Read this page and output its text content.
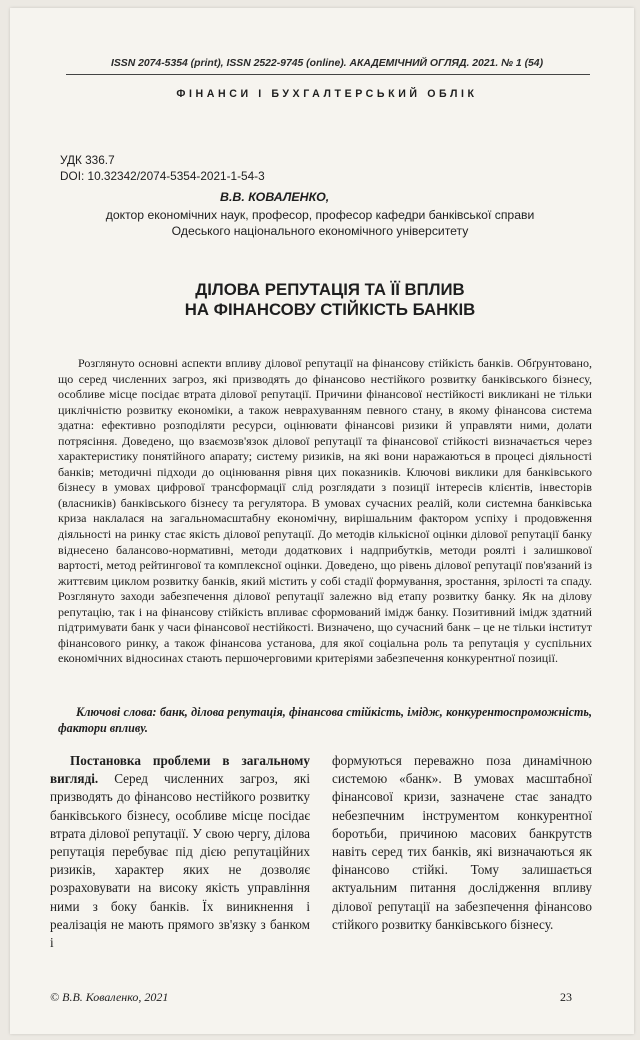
ISSN 2074-5354 (print), ISSN 2522-9745 (online). АКАДЕМІЧНИЙ ОГЛЯД. 2021. № 1 (54)
ФІНАНСИ І БУХГАЛТЕРСЬКИЙ ОБЛІК
УДК 336.7
DOI: 10.32342/2074-5354-2021-1-54-3
В.В. КОВАЛЕНКО,
доктор економічних наук, професор, професор кафедри банківської справи
Одеського національного економічного університету
ДІЛОВА РЕПУТАЦІЯ ТА ЇЇ ВПЛИВ
НА ФІНАНСОВУ СТІЙКІСТЬ БАНКІВ

Розглянуто основні аспекти впливу ділової репутації на фінансову стійкість банків. Обґрунтовано, що серед численних загроз, які призводять до фінансово нестійкого розвитку банківського бізнесу, особливе місце посідає втрата ділової репутації. Причини фінансової нестійкості викликані не тільки циклічністю розвитку економіки, а також неврахуванням певного стану, в якому фінансова система здатна: ефективно розподіляти ресурси, оцінювати фінансові ризики й управляти ними, долати потрясіння. Доведено, що взаємозв'язок ділової репутації та фінансової стійкості визначається через характеристику понятійного апарату; систему ризиків, на які вони наражаються в процесі діяльності банків; методичні підходи до оцінювання рівня цих показників. Ключові виклики для банківського бізнесу в умовах цифрової трансформації слід розглядати з позиції інтересів клієнтів, інвесторів (власників) банківського бізнесу та регулятора. В умовах сучасних реалій, коли системна банківська криза наклалася на загальномасштабну економічну, вирішальним фактором успіху і продовження діяльності на ринку стає якість ділової репутації. До методів кількісної оцінки ділової репутації банку віднесено балансово-нормативні, методи додаткових і надприбутків, методи роялті і залишкової вартості, метод рейтингової та комплексної оцінки. Доведено, що рівень ділової репутації пов'язаний із життєвим циклом розвитку банків, який містить у собі стадії формування, зростання, зрілості та спаду. Розглянуто заходи забезпечення ділової репутації залежно від етапу розвитку банку. Як на ділову репутацію, так і на фінансову стійкість впливає сформований імідж банку. Позитивний імідж здатний підтримувати банк у часи фінансової нестійкості. Визначено, що сучасний банк – це не тільки інститут фінансового ринку, а також фінансова установа, для якої соціальна роль та репутація у суспільних економічних відносинах стають першочерговими критеріями забезпечення конкурентної позиції.

Ключові слова: банк, ділова репутація, фінансова стійкість, імідж, конкурентоспроможність, фактори впливу.

Постановка проблеми в загальному вигляді. Серед численних загроз, які призводять до фінансово нестійкого розвитку банківського бізнесу, особливе місце посідає втрата ділової репутації. У свою чергу, ділова репутація перебуває під дією репутаційних ризиків, характер яких не дозволяє розраховувати на високу якість управління ними з боку банків. Їх виникнення і реалізація не мають прямого зв'язку з банком і

формуються переважно поза динамічною системою «банк». В умовах масштабної фінансової кризи, зазначене стає занадто небезпечним інструментом конкурентної боротьби, причиною масових банкрутств навіть серед тих банків, які визначаються як фінансово стійкі. Тому залишається актуальним питання дослідження впливу ділової репутації на забезпечення фінансово стійкого розвитку банківського бізнесу.

© В.В. Коваленко, 2021	23
